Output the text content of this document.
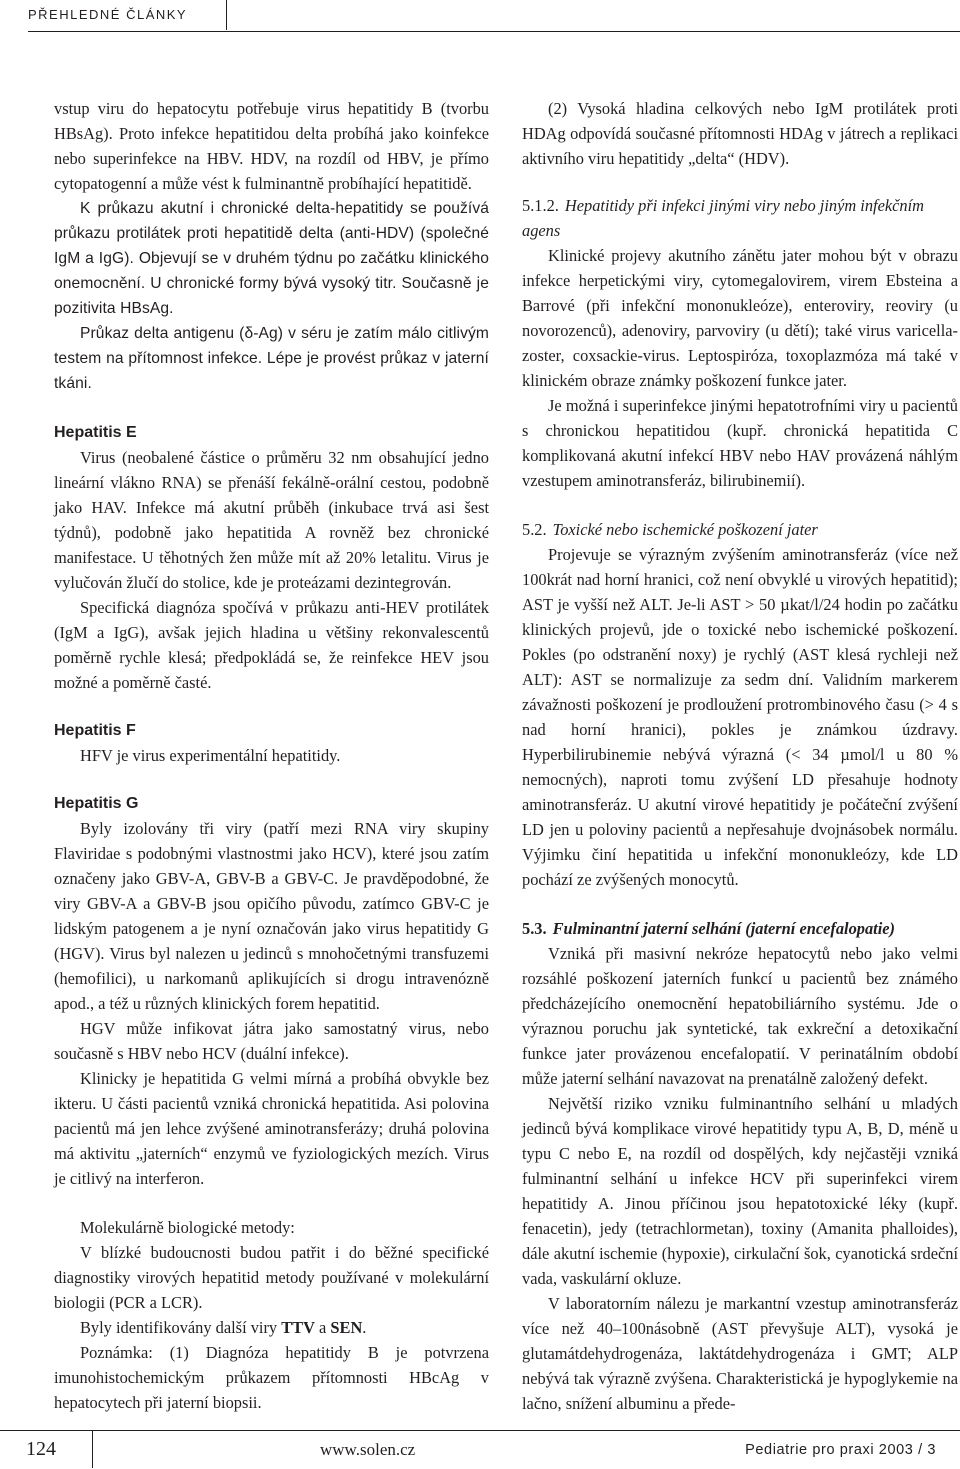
PŘEHLEDNÉ ČLÁNKY

vstup viru do hepatocytu potřebuje virus hepatitidy B (tvorbu HBsAg). Proto infekce hepatitidou delta probíhá jako koinfekce nebo superinfekce na HBV. HDV, na rozdíl od HBV, je přímo cytopatogenní a může vést k fulminantně probíhající hepatitidě.

K průkazu akutní i chronické delta-hepatitidy se používá průkazu protilátek proti hepatitidě delta (anti-HDV) (společné IgM a IgG). Objevují se v druhém týdnu po začátku klinického onemocnění. U chronické formy bývá vysoký titr. Současně je pozitivita HBsAg.

Průkaz delta antigenu (δ-Ag) v séru je zatím málo citlivým testem na přítomnost infekce. Lépe je provést průkaz v jaterní tkáni.

Hepatitis E

Virus (neobalené částice o průměru 32 nm obsahující jedno lineární vlákno RNA) se přenáší fekálně-orální cestou, podobně jako HAV. Infekce má akutní průběh (inkubace trvá asi šest týdnů), podobně jako hepatitida A rovněž bez chronické manifestace. U těhotných žen může mít až 20% letalitu. Virus je vylučován žlučí do stolice, kde je proteázami dezintegrován.

Specifická diagnóza spočívá v průkazu anti-HEV protilátek (IgM a IgG), avšak jejich hladina u většiny rekonvalescentů poměrně rychle klesá; předpokládá se, že reinfekce HEV jsou možné a poměrně časté.

Hepatitis F

HFV je virus experimentální hepatitidy.

Hepatitis G

Byly izolovány tři viry (patří mezi RNA viry skupiny Flaviridae s podobnými vlastnostmi jako HCV), které jsou zatím označeny jako GBV-A, GBV-B a GBV-C. Je pravděpodobné, že viry GBV-A a GBV-B jsou opičího původu, zatímco GBV-C je lidským patogenem a je nyní označován jako virus hepatitidy G (HGV). Virus byl nalezen u jedinců s mnohočetnými transfuzemi (hemofilici), u narkomanů aplikujících si drogu intravenózně apod., a též u různých klinických forem hepatitid.

HGV může infikovat játra jako samostatný virus, nebo současně s HBV nebo HCV (duální infekce).

Klinicky je hepatitida G velmi mírná a probíhá obvykle bez ikteru. U části pacientů vzniká chronická hepatitida. Asi polovina pacientů má jen lehce zvýšené aminotransferázy; druhá polovina má aktivitu „jaterních“ enzymů ve fyziologických mezích. Virus je citlivý na interferon.

Molekulárně biologické metody:

V blízké budoucnosti budou patřit i do běžné specifické diagnostiky virových hepatitid metody používané v molekulární biologii (PCR a LCR).

Byly identifikovány další viry TTV a SEN.

Poznámka: (1) Diagnóza hepatitidy B je potvrzena imunohistochemickým průkazem přítomnosti HBcAg v hepatocytech při jaterní biopsii.

(2) Vysoká hladina celkových nebo IgM protilátek proti HDAg odpovídá současné přítomnosti HDAg v játrech a replikaci aktivního viru hepatitidy „delta“ (HDV).

5.1.2. Hepatitidy při infekci jinými viry nebo jiným infekčním agens

Klinické projevy akutního zánětu jater mohou být v obrazu infekce herpetickými viry, cytomegalovirem, virem Ebsteina a Barrové (při infekční mononukleóze), enteroviry, reoviry (u novorozenců), adenoviry, parvoviry (u dětí); také virus varicella-zoster, coxsackie-virus. Leptospiróza, toxoplazmóza má také v klinickém obraze známky poškození funkce jater.

Je možná i superinfekce jinými hepatotrofními viry u pacientů s chronickou hepatitidou (kupř. chronická hepatitida C komplikovaná akutní infekcí HBV nebo HAV provázená náhlým vzestupem aminotransferáz, bilirubinemií).

5.2. Toxické nebo ischemické poškození jater

Projevuje se výrazným zvýšením aminotransferáz (více než 100krát nad horní hranici, což není obvyklé u virových hepatitid); AST je vyšší než ALT. Je-li AST > 50 µkat/l/24 hodin po začátku klinických projevů, jde o toxické nebo ischemické poškození. Pokles (po odstranění noxy) je rychlý (AST klesá rychleji než ALT): AST se normalizuje za sedm dní. Validním markerem závažnosti poškození je prodloužení protrombinového času (> 4 s nad horní hranici), pokles je známkou úzdravy. Hyperbilirubinemie nebývá výrazná (< 34 µmol/l u 80 % nemocných), naproti tomu zvýšení LD přesahuje hodnoty aminotransferáz. U akutní virové hepatitidy je počáteční zvýšení LD jen u poloviny pacientů a nepřesahuje dvojnásobek normálu. Výjimku činí hepatitida u infekční mononukleózy, kde LD pochází ze zvýšených monocytů.

5.3. Fulminantní jaterní selhání (jaterní encefalopatie)

Vzniká při masivní nekróze hepatocytů nebo jako velmi rozsáhlé poškození jaterních funkcí u pacientů bez známého předcházejícího onemocnění hepatobiliárního systému. Jde o výraznou poruchu jak syntetické, tak exkreční a detoxikační funkce jater provázenou encefalopatií. V perinatálním období může jaterní selhání navazovat na prenatálně založený defekt.

Největší riziko vzniku fulminantního selhání u mladých jedinců bývá komplikace virové hepatitidy typu A, B, D, méně u typu C nebo E, na rozdíl od dospělých, kdy nejčastěji vzniká fulminantní selhání u infekce HCV při superinfekci virem hepatitidy A. Jinou příčinou jsou hepatotoxické léky (kupř. fenacetin), jedy (tetrachlormetan), toxiny (Amanita phalloides), dále akutní ischemie (hypoxie), cirkulační šok, cyanotická srdeční vada, vaskulární okluze.

V laboratorním nálezu je markantní vzestup aminotransferáz více než 40–100násobně (AST převyšuje ALT), vysoká je glutamátdehydrogenáza, laktátdehydrogenáza i GMT; ALP nebývá tak výrazně zvýšena. Charakteristická je hypoglykemie na lačno, snížení albuminu a předе-

124	www.solen.cz	Pediatrie pro praxi 2003 / 3
